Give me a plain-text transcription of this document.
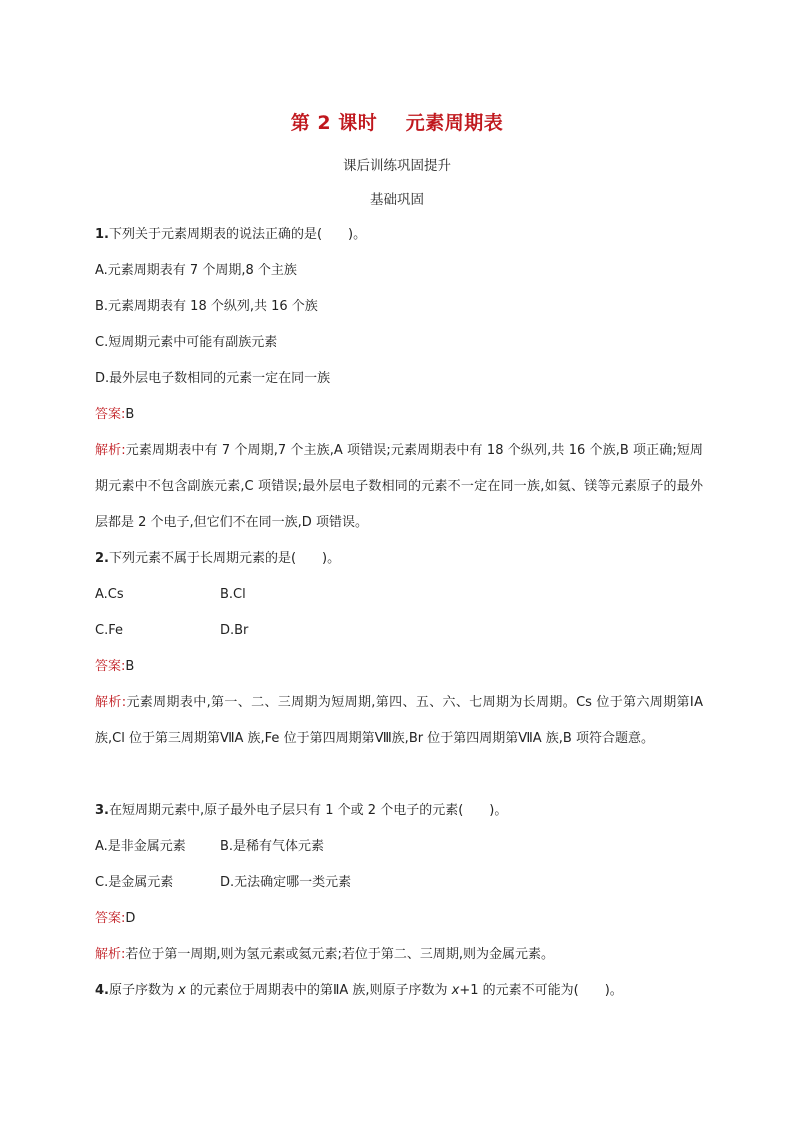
第 2 课时    元素周期表
课后训练巩固提升
基础巩固
1.下列关于元素周期表的说法正确的是(　　)。
A.元素周期表有 7 个周期,8 个主族
B.元素周期表有 18 个纵列,共 16 个族
C.短周期元素中可能有副族元素
D.最外层电子数相同的元素一定在同一族
答案:B
解析:元素周期表中有 7 个周期,7 个主族,A 项错误;元素周期表中有 18 个纵列,共 16 个族,B 项正确;短周期元素中不包含副族元素,C 项错误;最外层电子数相同的元素不一定在同一族,如氦、镁等元素原子的最外层都是 2 个电子,但它们不在同一族,D 项错误。
2.下列元素不属于长周期元素的是(　　)。
A.Cs	B.Cl
C.Fe	D.Br
答案:B
解析:元素周期表中,第一、二、三周期为短周期,第四、五、六、七周期为长周期。Cs 位于第六周期第ⅠA 族,Cl 位于第三周期第ⅦA 族,Fe 位于第四周期第Ⅷ族,Br 位于第四周期第ⅦA 族,B 项符合题意。
3.在短周期元素中,原子最外电子层只有 1 个或 2 个电子的元素(　　)。
A.是非金属元素	B.是稀有气体元素
C.是金属元素	D.无法确定哪一类元素
答案:D
解析:若位于第一周期,则为氢元素或氦元素;若位于第二、三周期,则为金属元素。
4.原子序数为 x 的元素位于周期表中的第ⅡA 族,则原子序数为 x+1 的元素不可能为(　　)。
